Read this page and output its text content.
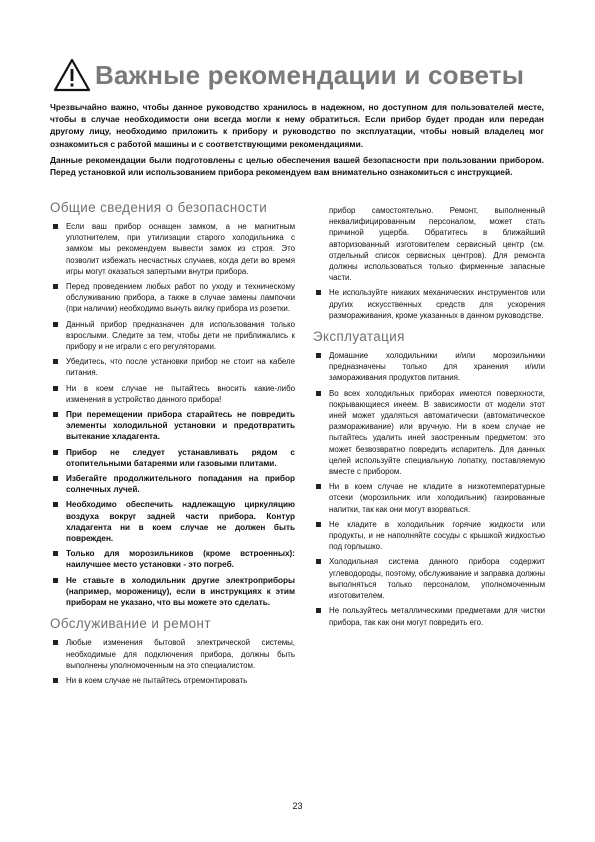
Важные рекомендации и советы

Чрезвычайно важно, чтобы данное руководство хранилось в надежном, но доступном для пользователей месте, чтобы в случае необходимости они всегда могли к нему обратиться. Если прибор будет продан или передан другому лицу, необходимо приложить к прибору и руководство по эксплуатации, чтобы новый владелец мог ознакомиться с работой машины и с соответствующими рекомендациями.

Данные рекомендации были подготовлены с целью обеспечения вашей безопасности при пользовании прибором. Перед установкой или использованием прибора рекомендуем вам внимательно ознакомиться с инструкцией.

Общие сведения о безопасности
Если ваш прибор оснащен замком, а не магнитным уплотнителем, при утилизации старого холодильника с замком мы рекомендуем вывести замок из строя. Это позволит избежать несчастных случаев, когда дети во время игры могут оказаться запертыми внутри прибора.
Перед проведением любых работ по уходу и техническому обслуживанию прибора, а также в случае замены лампочки (при наличии) необходимо вынуть вилку прибора из розетки.
Данный прибор предназначен для использования только взрослыми. Следите за тем, чтобы дети не приближались к прибору и не играли с его регуляторами.
Убедитесь, что после установки прибор не стоит на кабеле питания.
Ни в коем случае не пытайтесь вносить какие-либо изменения в устройство данного прибора!
При перемещении прибора старайтесь не повредить элементы холодильной установки и предотвратить вытекание хладагента.
Прибор не следует устанавливать рядом с отопительными батареями или газовыми плитами.
Избегайте продолжительного попадания на прибор солнечных лучей.
Необходимо обеспечить надлежащую циркуляцию воздуха вокруг задней части прибора. Контур хладагента ни в коем случае не должен быть поврежден.
Только для морозильников (кроме встроенных): наилучшее место установки - это погреб.
Не ставьте в холодильник другие электроприборы (например, мороженицу), если в инструкциях к этим приборам не указано, что вы можете это сделать.
Обслуживание и ремонт
Любые изменения бытовой электрической системы, необходимые для подключения прибора, должны быть выполнены уполномоченным на это специалистом.
Ни в коем случае не пытайтесь отремонтировать
прибор самостоятельно. Ремонт, выполненный неквалифицированным персоналом, может стать причиной ущерба. Обратитесь в ближайший авторизованный изготовителем сервисный центр (см. отдельный список сервисных центров). Для ремонта должны использоваться только фирменные запасные части.
Не используйте никаких механических инструментов или других искусственных средств для ускорения размораживания, кроме указанных в данном руководстве.
Эксплуатация
Домашние холодильники и/или морозильники предназначены только для хранения и/или замораживания продуктов питания.
Во всех холодильных приборах имеются поверхности, покрывающиеся инеем. В зависимости от модели этот иней может удаляться автоматически (автоматическое размораживание) или вручную. Ни в коем случае не пытайтесь удалить иней заостренным предметом: это может безвозвратно повредить испаритель. Для данных целей используйте специальную лопатку, поставляемую вместе с прибором.
Ни в коем случае не кладите в низкотемпературные отсеки (морозильник или холодильник) газированные напитки, так как они могут взорваться.
Не кладите в холодильник горячие жидкости или продукты, и не наполняйте сосуды с крышкой жидкостью под горлышко.
Холодильная система данного прибора содержит углеводороды, поэтому, обслуживание и заправка должны выполняться только персоналом, уполномоченным изготовителем.
Не пользуйтесь металлическими предметами для чистки прибора, так как они могут повредить его.
23
